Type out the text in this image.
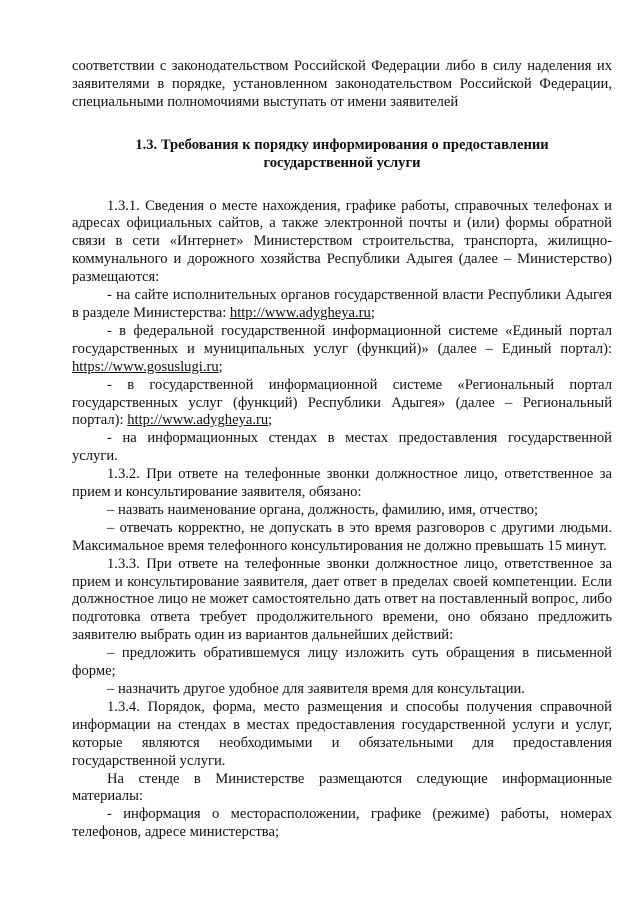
соответствии с законодательством Российской Федерации либо в силу наделения их заявителями в порядке, установленном законодательством Российской Федерации, специальными полномочиями выступать от имени заявителей

1.3. Требования к порядку информирования о предоставлении
государственной услуги

1.3.1. Сведения о месте нахождения, графике работы, справочных телефонах и адресах официальных сайтов, а также электронной почты и (или) формы обратной связи в сети «Интернет» Министерством строительства, транспорта, жилищно-коммунального и дорожного хозяйства Республики Адыгея (далее – Министерство) размещаются:

- на сайте исполнительных органов государственной власти Республики Адыгея в разделе Министерства: http://www.adygheya.ru;

- в федеральной государственной информационной системе «Единый портал государственных и муниципальных услуг (функций)» (далее – Единый портал): https://www.gosuslugi.ru;

- в государственной информационной системе «Региональный портал государственных услуг (функций) Республики Адыгея» (далее – Региональный портал): http://www.adygheya.ru;

- на информационных стендах в местах предоставления государственной услуги.

1.3.2. При ответе на телефонные звонки должностное лицо, ответственное за прием и консультирование заявителя, обязано:

– назвать наименование органа, должность, фамилию, имя, отчество;

– отвечать корректно, не допускать в это время разговоров с другими людьми. Максимальное время телефонного консультирования не должно превышать 15 минут.

1.3.3. При ответе на телефонные звонки должностное лицо, ответственное за прием и консультирование заявителя, дает ответ в пределах своей компетенции. Если должностное лицо не может самостоятельно дать ответ на поставленный вопрос, либо подготовка ответа требует продолжительного времени, оно обязано предложить заявителю выбрать один из вариантов дальнейших действий:

– предложить обратившемуся лицу изложить суть обращения в письменной форме;

– назначить другое удобное для заявителя время для консультации.

1.3.4. Порядок, форма, место размещения и способы получения справочной информации на стендах в местах предоставления государственной услуги и услуг, которые являются необходимыми и обязательными для предоставления государственной услуги.

На стенде в Министерстве размещаются следующие информационные материалы:

- информация о месторасположении, графике (режиме) работы, номерах телефонов, адресе министерства;
